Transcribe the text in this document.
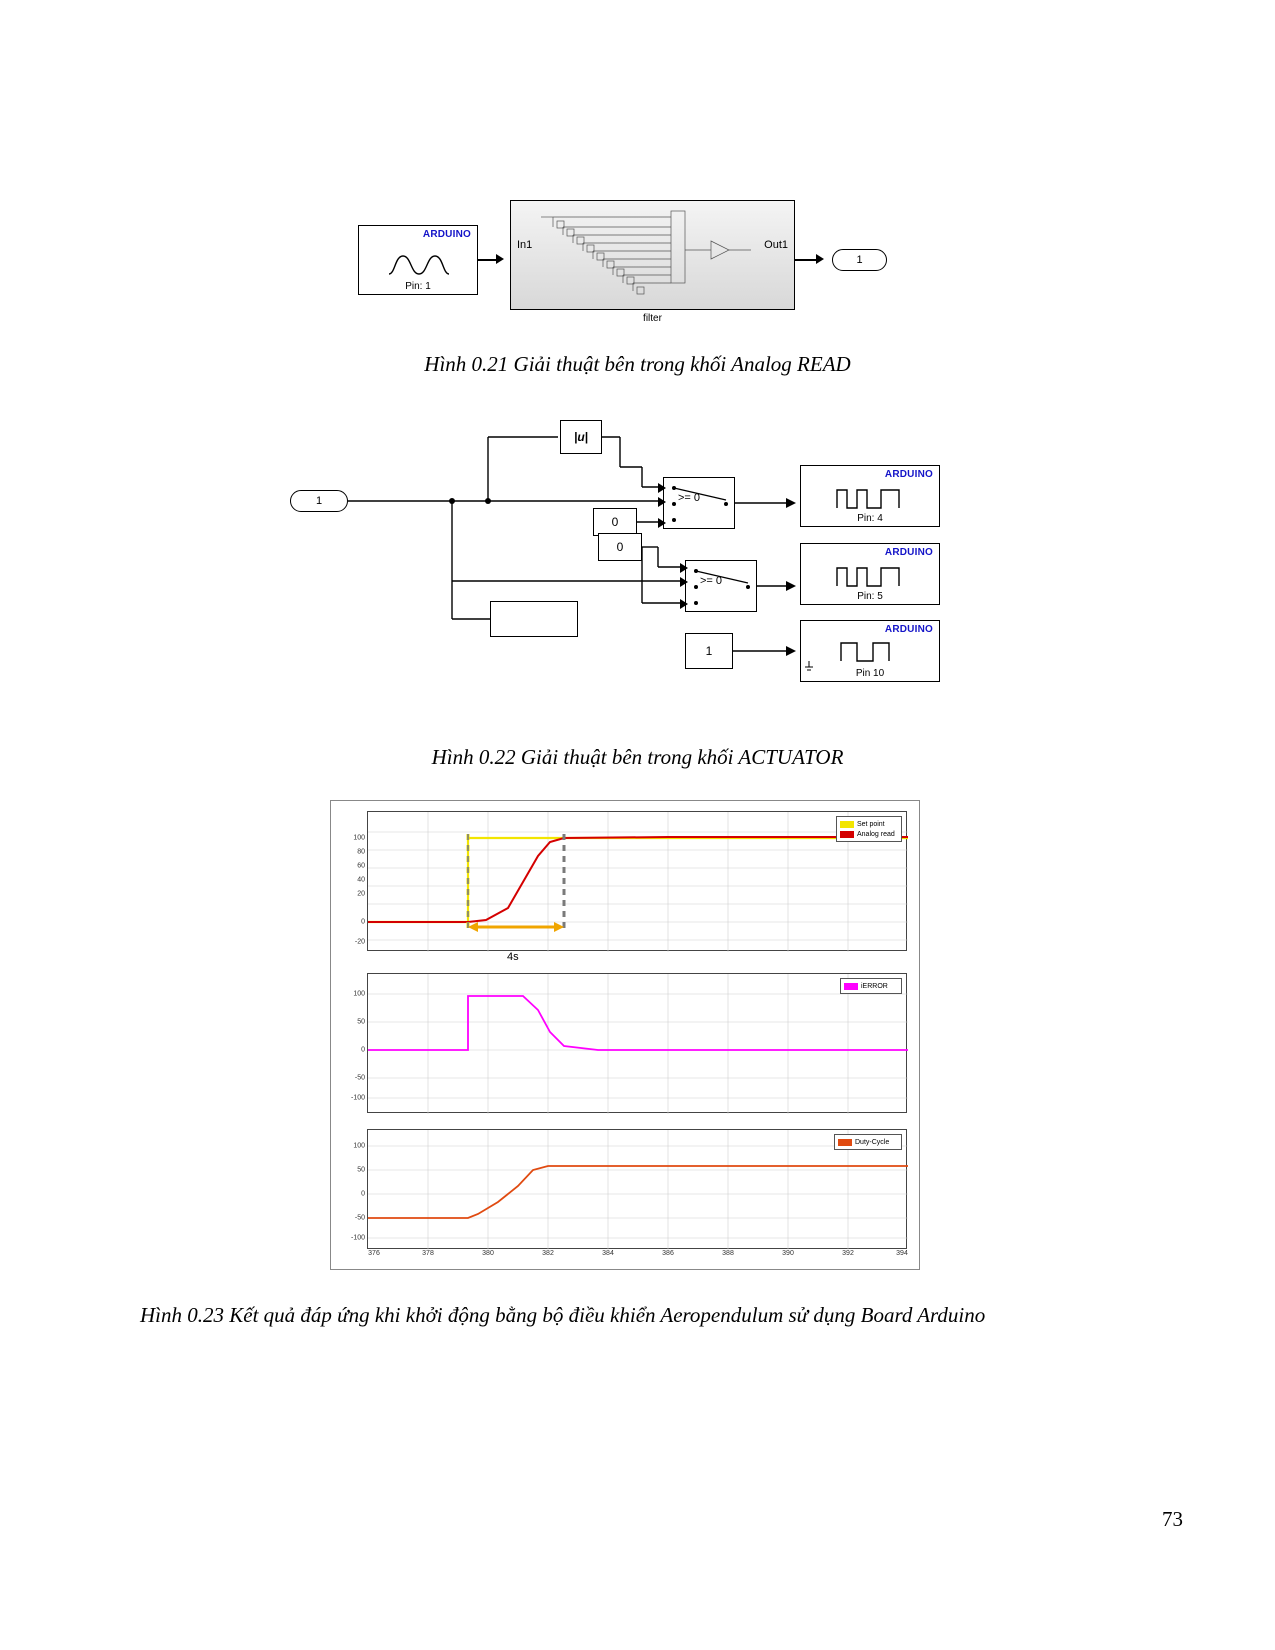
ARDUINO
Pin: 1
In1	Out1
filter
1
Hình 0.21 Giải thuật bên trong khối Analog READ
1
|u|
0
0
1
>= 0
>= 0
ARDUINO
Pin: 4
ARDUINO
Pin: 5
ARDUINO
Pin 10
Hình 0.22 Giải thuật bên trong khối ACTUATOR
100
80
60
40
20
0
-20
Set point
Analog read
4s
100
50
0
-50
-100
iERROR
100
50
0
-50
-100
376	378	380	382	384	386	388	390	392	394
Duty-Cycle
Hình 0.23 Kết quả đáp ứng khi khởi động bằng bộ điều khiển Aeropendulum sử dụng Board Arduino
73
